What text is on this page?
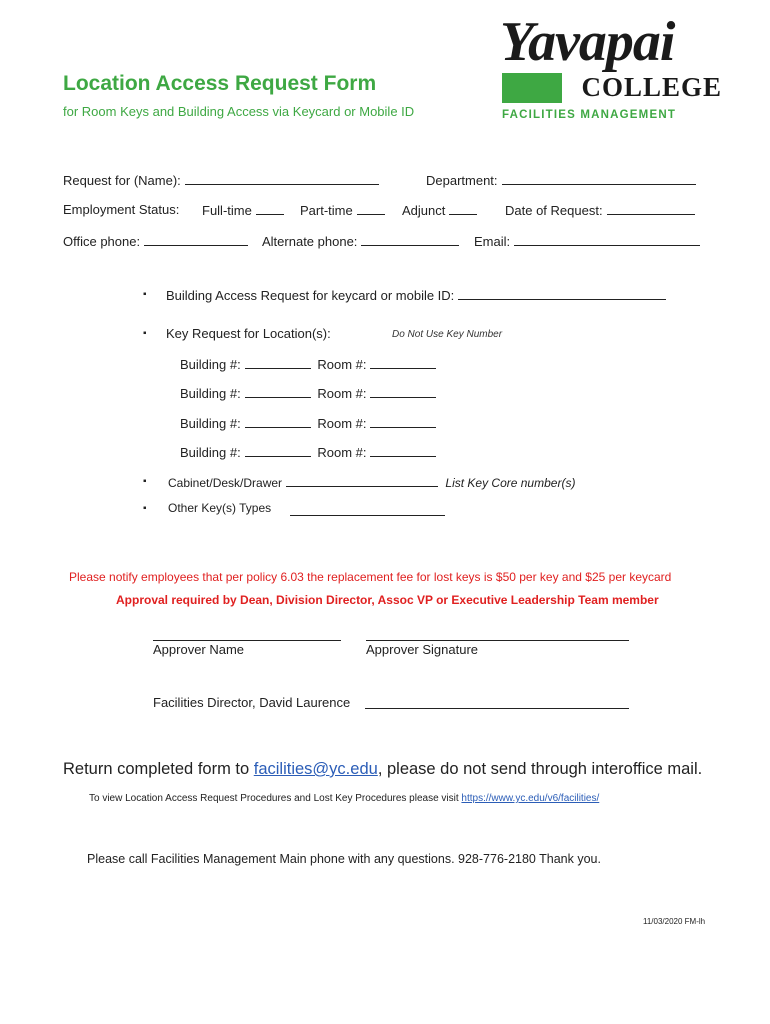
Location Access Request Form
for Room Keys and Building Access via Keycard or Mobile ID
Yavapai
COLLEGE
FACILITIES MANAGEMENT
Request for (Name):	Department:
Employment Status: Full-time	Part-time	Adjunct	Date of Request:
Office phone:	Alternate phone:	Email:
▪ Building Access Request for keycard or mobile ID:
▪ Key Request for Location(s):	Do Not Use Key Number
Building #:	Room #:
Building #:	Room #:
Building #:	Room #:
Building #:	Room #:
▪ Cabinet/Desk/Drawer	List Key Core number(s)
▪ Other Key(s) Types
Please notify employees that per policy 6.03 the replacement fee for lost keys is $50 per key and $25 per keycard
Approval required by Dean, Division Director, Assoc VP or Executive Leadership Team member
Approver Name	Approver Signature
Facilities Director, David Laurence
Return completed form to facilities@yc.edu, please do not send through interoffice mail.
To view Location Access Request Procedures and Lost Key Procedures please visit https://www.yc.edu/v6/facilities/
Please call Facilities Management Main phone with any questions. 928-776-2180 Thank you.
11/03/2020 FM-lh
